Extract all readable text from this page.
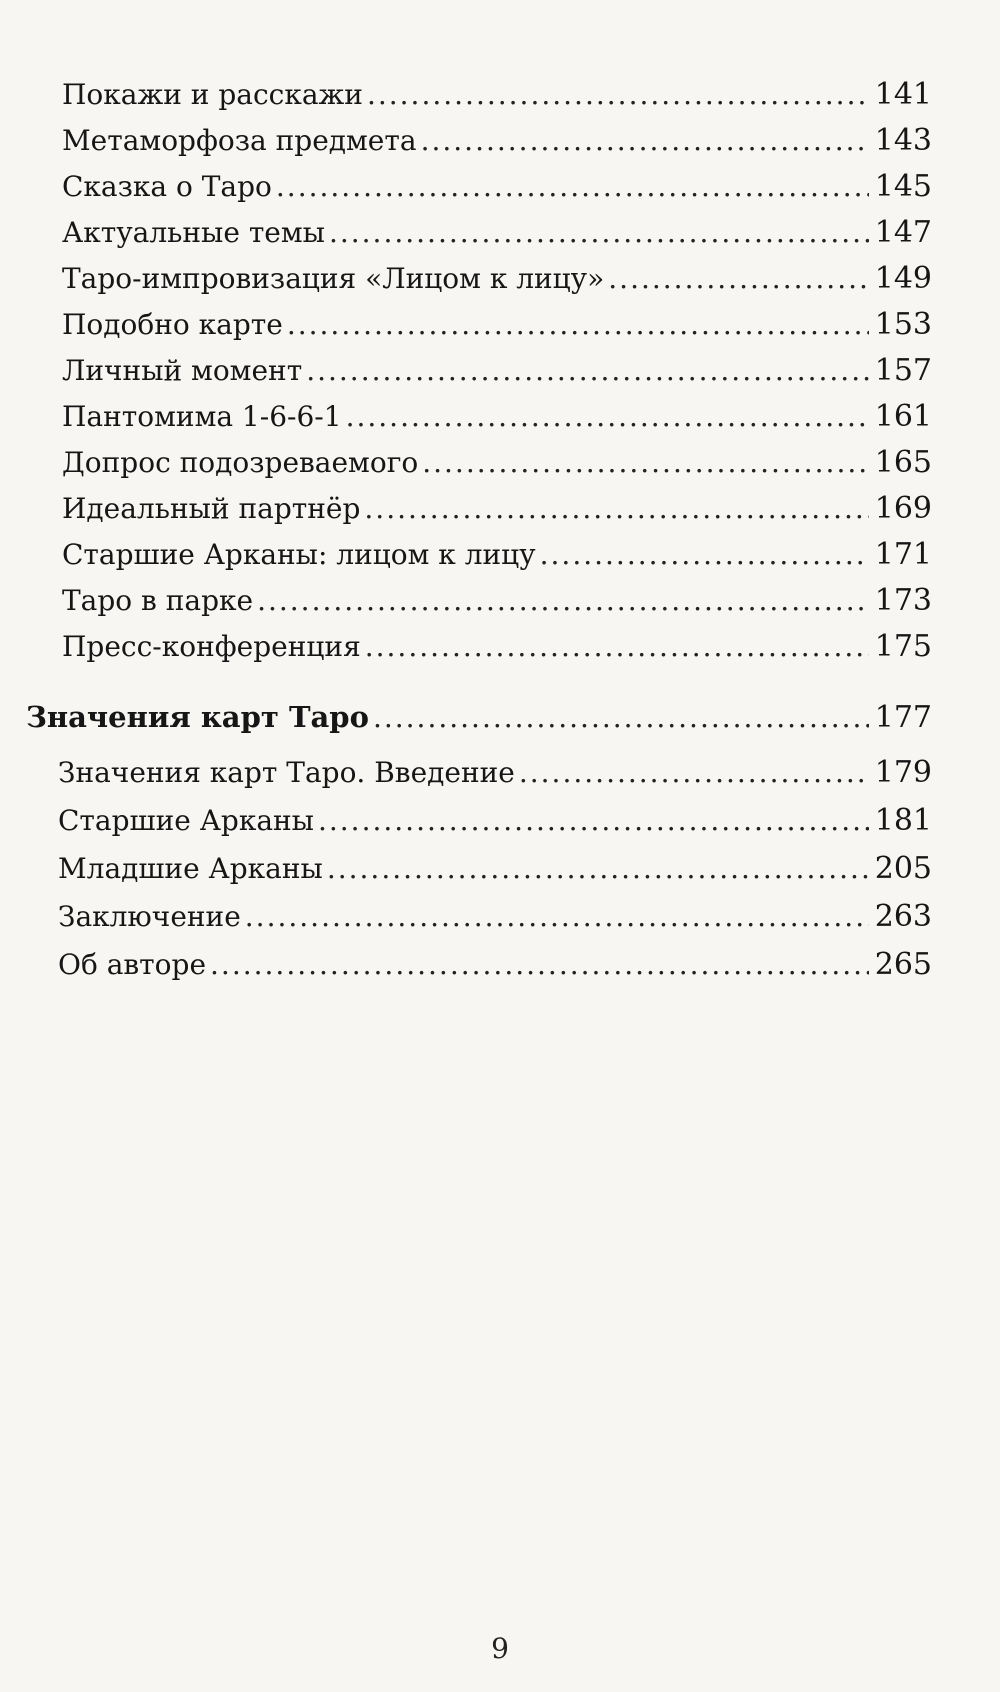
Покажи и расскажи .....	141
Метаморфоза предмета .....	143
Сказка о Таро .....	145
Актуальные темы .....	147
Таро-импровизация «Лицом к лицу» .....	149
Подобно карте .....	153
Личный момент .....	157
Пантомима 1-6-6-1 .....	161
Допрос подозреваемого .....	165
Идеальный партнёр .....	169
Старшие Арканы: лицом к лицу .....	171
Таро в парке .....	173
Пресс-конференция .....	175
Значения карт Таро .....	177
Значения карт Таро. Введение .....	179
Старшие Арканы .....	181
Младшие Арканы .....	205
Заключение .....	263
Об авторе .....	265
9
